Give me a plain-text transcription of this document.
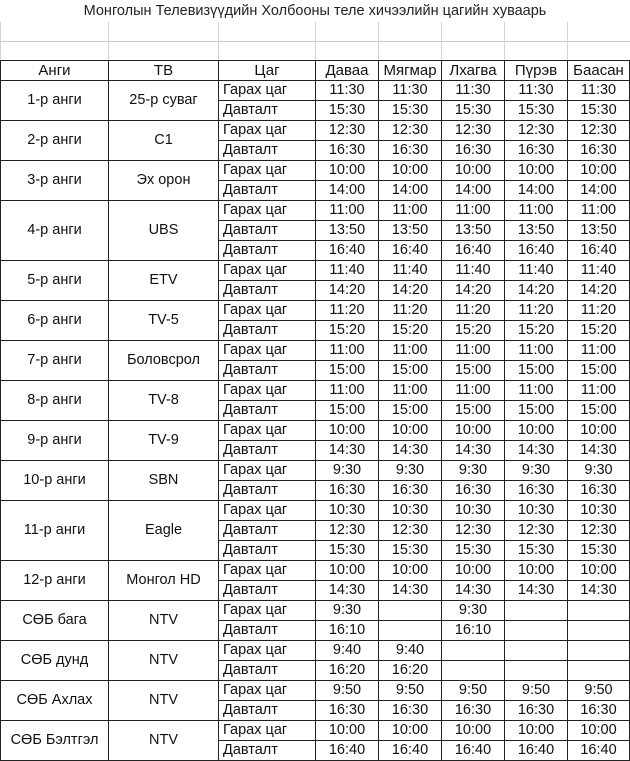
Монголын Телевизүүдийн Холбооны теле хичээлийн цагийн хуваарь
Анги	ТВ	Цаг	Даваа	Мягмар	Лхагва	Пүрэв	Баасан
1-р анги	25-р суваг	Гарах цаг	11:30	11:30	11:30	11:30	11:30
		Давталт	15:30	15:30	15:30	15:30	15:30
2-р анги	C1	Гарах цаг	12:30	12:30	12:30	12:30	12:30
		Давталт	16:30	16:30	16:30	16:30	16:30
3-р анги	Эх орон	Гарах цаг	10:00	10:00	10:00	10:00	10:00
		Давталт	14:00	14:00	14:00	14:00	14:00
4-р анги	UBS	Гарах цаг	11:00	11:00	11:00	11:00	11:00
		Давталт	13:50	13:50	13:50	13:50	13:50
		Давталт	16:40	16:40	16:40	16:40	16:40
5-р анги	ETV	Гарах цаг	11:40	11:40	11:40	11:40	11:40
		Давталт	14:20	14:20	14:20	14:20	14:20
6-р анги	TV-5	Гарах цаг	11:20	11:20	11:20	11:20	11:20
		Давталт	15:20	15:20	15:20	15:20	15:20
7-р анги	Боловсрол	Гарах цаг	11:00	11:00	11:00	11:00	11:00
		Давталт	15:00	15:00	15:00	15:00	15:00
8-р анги	TV-8	Гарах цаг	11:00	11:00	11:00	11:00	11:00
		Давталт	15:00	15:00	15:00	15:00	15:00
9-р анги	TV-9	Гарах цаг	10:00	10:00	10:00	10:00	10:00
		Давталт	14:30	14:30	14:30	14:30	14:30
10-р анги	SBN	Гарах цаг	9:30	9:30	9:30	9:30	9:30
		Давталт	16:30	16:30	16:30	16:30	16:30
11-р анги	Eagle	Гарах цаг	10:30	10:30	10:30	10:30	10:30
		Давталт	12:30	12:30	12:30	12:30	12:30
		Давталт	15:30	15:30	15:30	15:30	15:30
12-р анги	Монгол HD	Гарах цаг	10:00	10:00	10:00	10:00	10:00
		Давталт	14:30	14:30	14:30	14:30	14:30
СӨБ бага	NTV	Гарах цаг	9:30		9:30		
		Давталт	16:10		16:10		
СӨБ дунд	NTV	Гарах цаг	9:40	9:40			
		Давталт	16:20	16:20			
СӨБ Ахлах	NTV	Гарах цаг	9:50	9:50	9:50	9:50	9:50
		Давталт	16:30	16:30	16:30	16:30	16:30
СӨБ Бэлтгэл	NTV	Гарах цаг	10:00	10:00	10:00	10:00	10:00
		Давталт	16:40	16:40	16:40	16:40	16:40
